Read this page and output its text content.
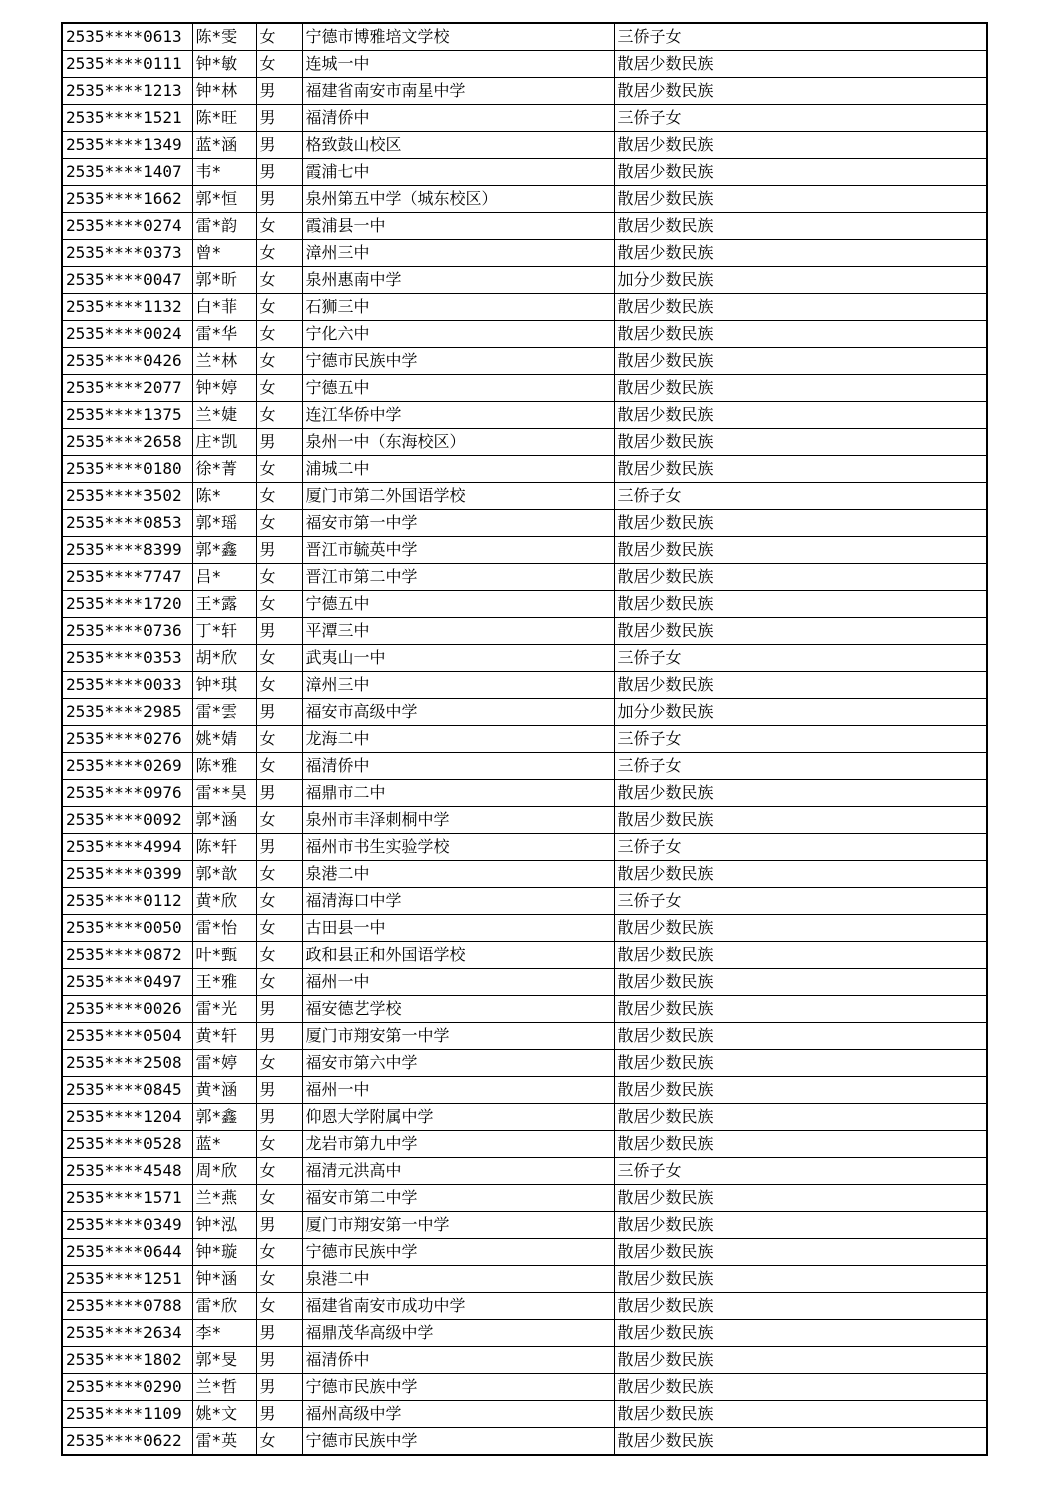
2535****0613	陈*雯	女	宁德市博雅培文学校	三侨子女
2535****0111	钟*敏	女	连城一中	散居少数民族
2535****1213	钟*林	男	福建省南安市南星中学	散居少数民族
2535****1521	陈*旺	男	福清侨中	三侨子女
2535****1349	蓝*涵	男	格致鼓山校区	散居少数民族
2535****1407	韦*	男	霞浦七中	散居少数民族
2535****1662	郭*恒	男	泉州第五中学（城东校区）	散居少数民族
2535****0274	雷*韵	女	霞浦县一中	散居少数民族
2535****0373	曾*	女	漳州三中	散居少数民族
2535****0047	郭*昕	女	泉州惠南中学	加分少数民族
2535****1132	白*菲	女	石狮三中	散居少数民族
2535****0024	雷*华	女	宁化六中	散居少数民族
2535****0426	兰*林	女	宁德市民族中学	散居少数民族
2535****2077	钟*婷	女	宁德五中	散居少数民族
2535****1375	兰*婕	女	连江华侨中学	散居少数民族
2535****2658	庄*凯	男	泉州一中（东海校区）	散居少数民族
2535****0180	徐*菁	女	浦城二中	散居少数民族
2535****3502	陈*	女	厦门市第二外国语学校	三侨子女
2535****0853	郭*瑶	女	福安市第一中学	散居少数民族
2535****8399	郭*鑫	男	晋江市毓英中学	散居少数民族
2535****7747	吕*	女	晋江市第二中学	散居少数民族
2535****1720	王*露	女	宁德五中	散居少数民族
2535****0736	丁*轩	男	平潭三中	散居少数民族
2535****0353	胡*欣	女	武夷山一中	三侨子女
2535****0033	钟*琪	女	漳州三中	散居少数民族
2535****2985	雷*雲	男	福安市高级中学	加分少数民族
2535****0276	姚*婧	女	龙海二中	三侨子女
2535****0269	陈*雅	女	福清侨中	三侨子女
2535****0976	雷**昊	男	福鼎市二中	散居少数民族
2535****0092	郭*涵	女	泉州市丰泽刺桐中学	散居少数民族
2535****4994	陈*轩	男	福州市书生实验学校	三侨子女
2535****0399	郭*歆	女	泉港二中	散居少数民族
2535****0112	黄*欣	女	福清海口中学	三侨子女
2535****0050	雷*怡	女	古田县一中	散居少数民族
2535****0872	叶*甄	女	政和县正和外国语学校	散居少数民族
2535****0497	王*雅	女	福州一中	散居少数民族
2535****0026	雷*光	男	福安德艺学校	散居少数民族
2535****0504	黄*轩	男	厦门市翔安第一中学	散居少数民族
2535****2508	雷*婷	女	福安市第六中学	散居少数民族
2535****0845	黄*涵	男	福州一中	散居少数民族
2535****1204	郭*鑫	男	仰恩大学附属中学	散居少数民族
2535****0528	蓝*	女	龙岩市第九中学	散居少数民族
2535****4548	周*欣	女	福清元洪高中	三侨子女
2535****1571	兰*燕	女	福安市第二中学	散居少数民族
2535****0349	钟*泓	男	厦门市翔安第一中学	散居少数民族
2535****0644	钟*璇	女	宁德市民族中学	散居少数民族
2535****1251	钟*涵	女	泉港二中	散居少数民族
2535****0788	雷*欣	女	福建省南安市成功中学	散居少数民族
2535****2634	李*	男	福鼎茂华高级中学	散居少数民族
2535****1802	郭*旻	男	福清侨中	散居少数民族
2535****0290	兰*哲	男	宁德市民族中学	散居少数民族
2535****1109	姚*文	男	福州高级中学	散居少数民族
2535****0622	雷*英	女	宁德市民族中学	散居少数民族
